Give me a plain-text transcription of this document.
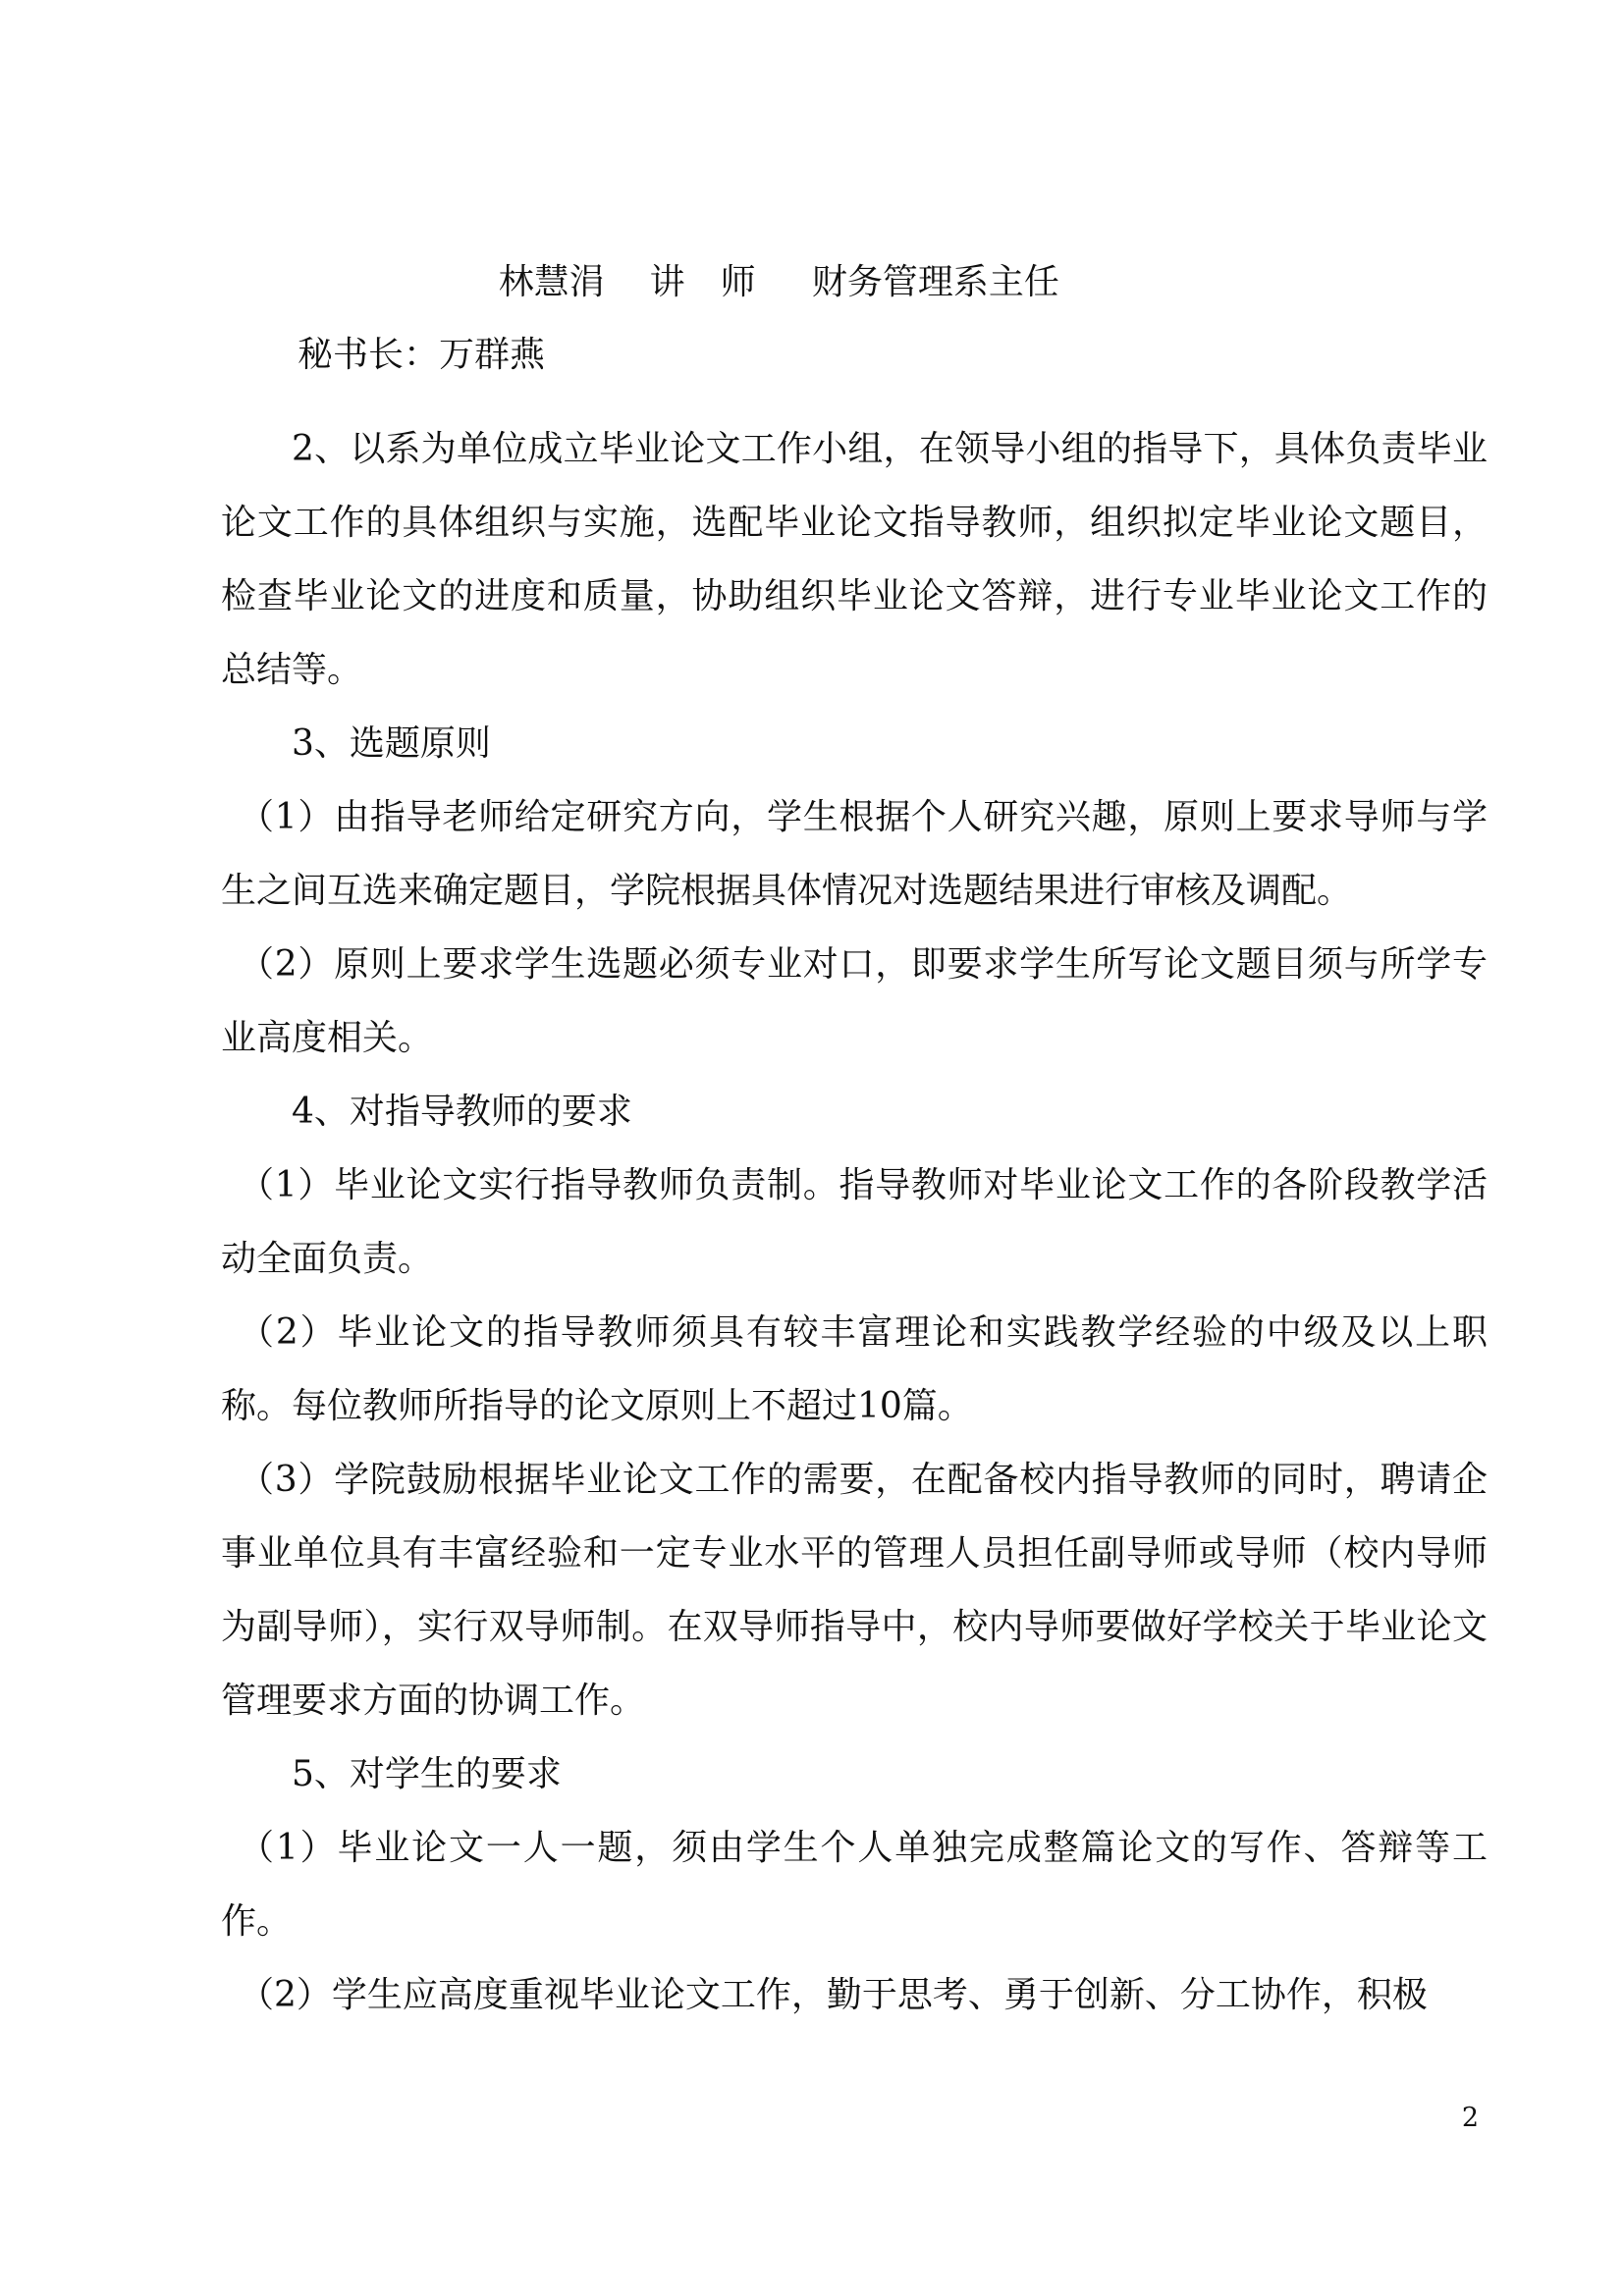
林慧涓 讲　师 财务管理系主任

秘书长：万群燕
2、以系为单位成立毕业论文工作小组，在领导小组的指导下，具体负责毕业论文工作的具体组织与实施，选配毕业论文指导教师，组织拟定毕业论文题目，检查毕业论文的进度和质量，协助组织毕业论文答辩，进行专业毕业论文工作的总结等。
3、选题原则
（1）由指导老师给定研究方向，学生根据个人研究兴趣，原则上要求导师与学生之间互选来确定题目，学院根据具体情况对选题结果进行审核及调配。
（2）原则上要求学生选题必须专业对口，即要求学生所写论文题目须与所学专业高度相关。
4、对指导教师的要求
（1）毕业论文实行指导教师负责制。指导教师对毕业论文工作的各阶段教学活动全面负责。
（2）毕业论文的指导教师须具有较丰富理论和实践教学经验的中级及以上职称。每位教师所指导的论文原则上不超过10篇。
（3）学院鼓励根据毕业论文工作的需要，在配备校内指导教师的同时，聘请企事业单位具有丰富经验和一定专业水平的管理人员担任副导师或导师（校内导师为副导师），实行双导师制。在双导师指导中，校内导师要做好学校关于毕业论文管理要求方面的协调工作。
5、对学生的要求
（1）毕业论文一人一题，须由学生个人单独完成整篇论文的写作、答辩等工作。
（2）学生应高度重视毕业论文工作，勤于思考、勇于创新、分工协作，积极
2
